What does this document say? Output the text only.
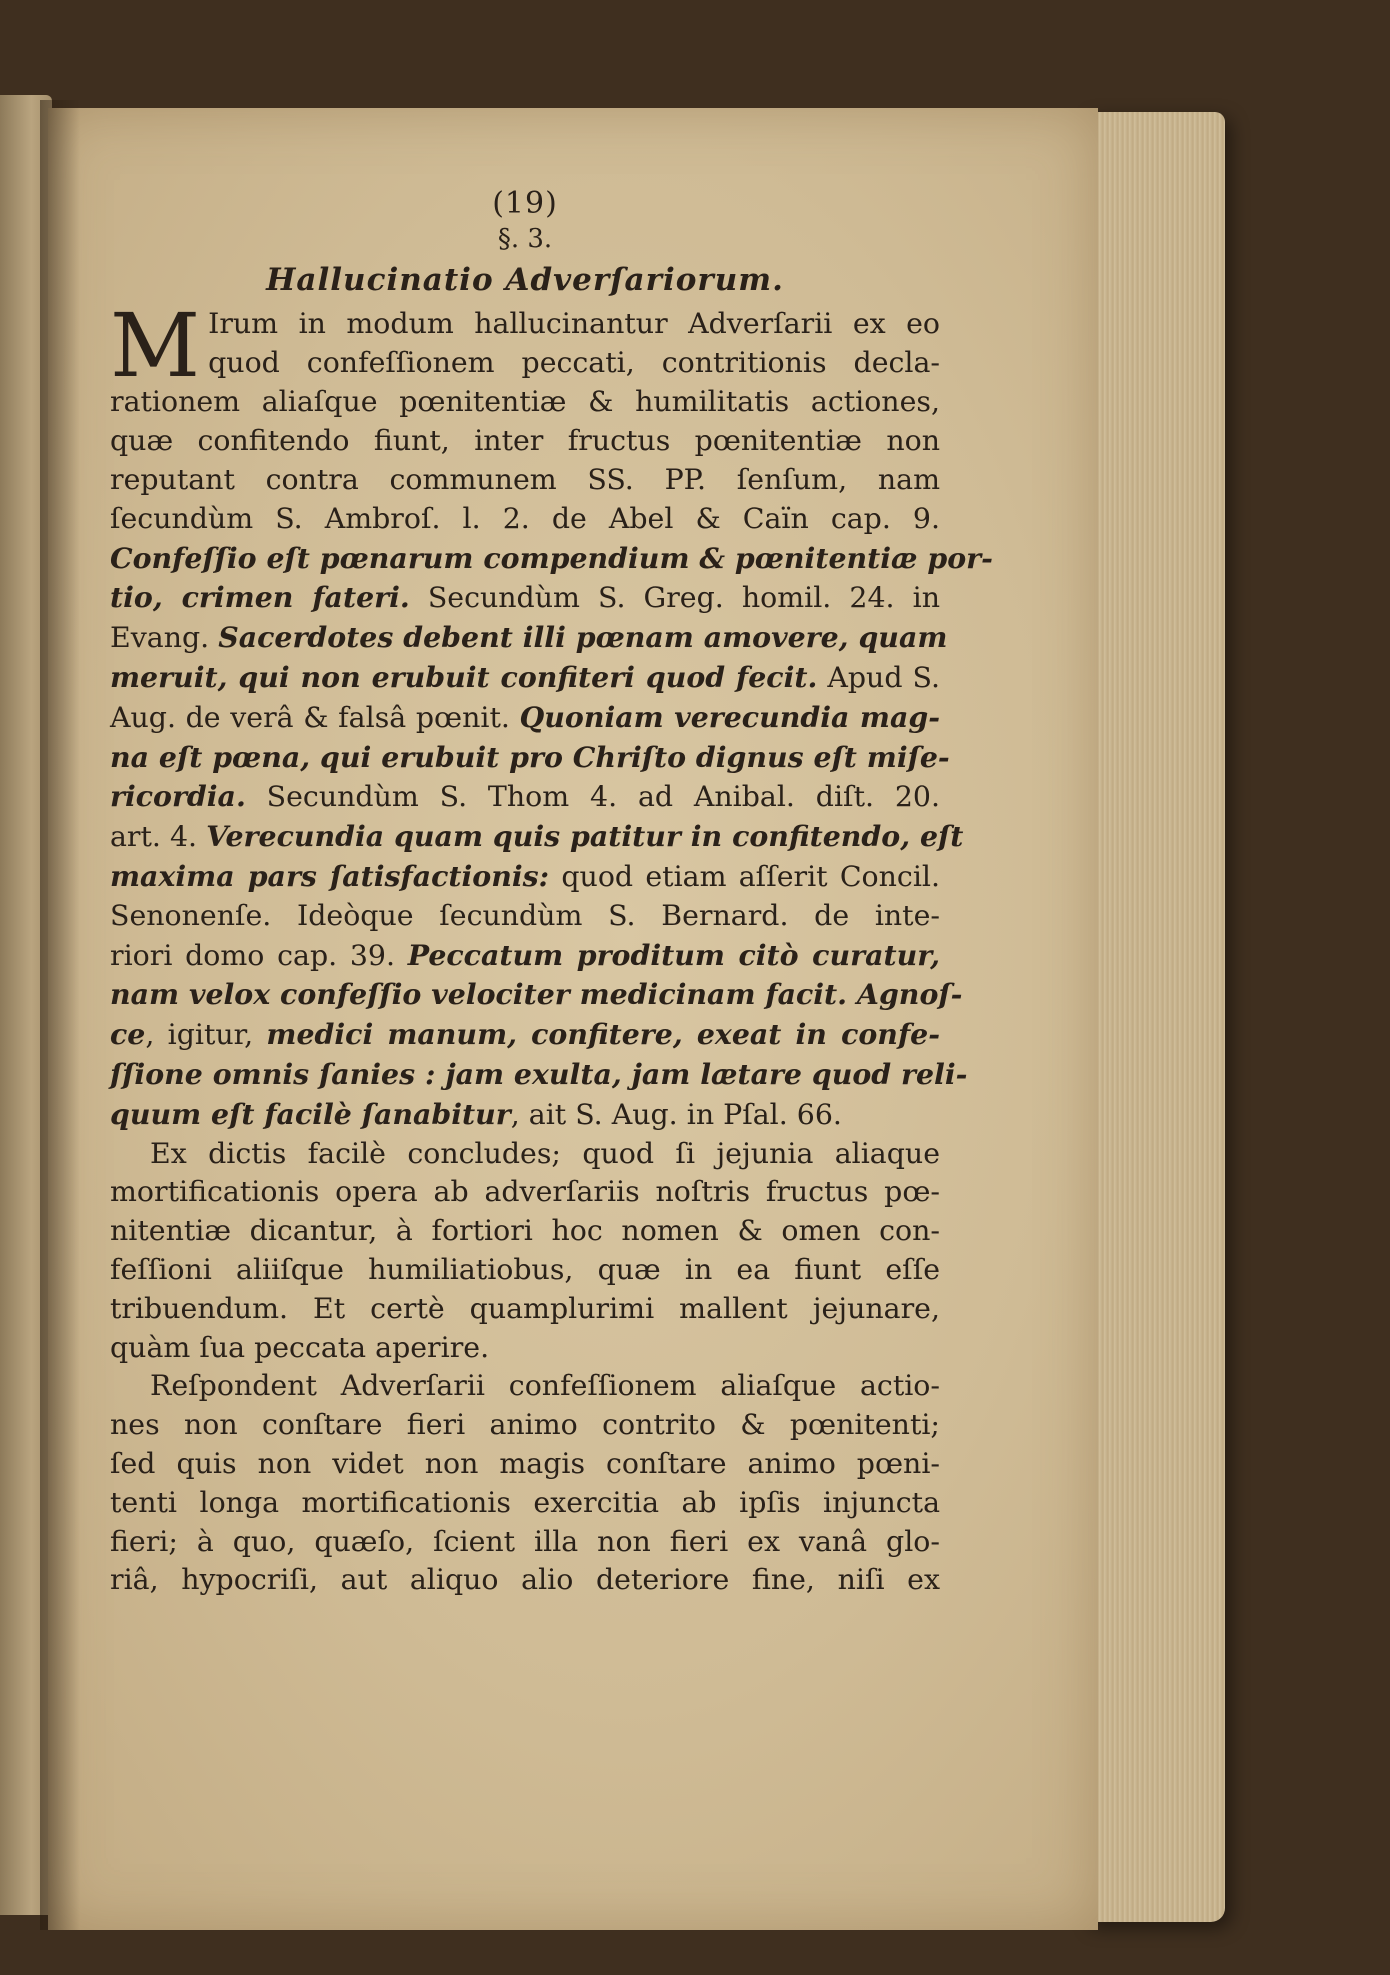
(19)
§. 3.
Hallucinatio Adverſariorum.
M Irum in modum hallucinantur Adverſarii ex eo
quod confeſſionem peccati, contritionis decla-
rationem aliaſque pœnitentiæ & humilitatis actiones,
quæ confitendo fiunt, inter fructus pœnitentiæ non
reputant contra communem SS. PP. ſenſum, nam
ſecundùm S. Ambroſ. l. 2. de Abel & Caïn cap. 9.
Confeſſio eſt pœnarum compendium & pœnitentiæ por-
tio, crimen fateri. Secundùm S. Greg. homil. 24. in
Evang. Sacerdotes debent illi pœnam amovere, quam
meruit, qui non erubuit confiteri quod fecit. Apud S.
Aug. de verâ & falsâ pœnit. Quoniam verecundia mag-
na eſt pœna, qui erubuit pro Chriſto dignus eſt miſe-
ricordia. Secundùm S. Thom 4. ad Anibal. diſt. 20.
art. 4. Verecundia quam quis patitur in confitendo, eſt
maxima pars ſatisfactionis: quod etiam aſſerit Concil.
Senonenſe. Ideòque ſecundùm S. Bernard. de inte-
riori domo cap. 39. Peccatum proditum citò curatur,
nam velox confeſſio velociter medicinam facit. Agnoſ-
ce, igitur, medici manum, confitere, exeat in confe-
ſſione omnis ſanies : jam exulta, jam lætare quod reli-
quum eſt facilè ſanabitur, ait S. Aug. in Pſal. 66.
Ex dictis facilè concludes; quod ſi jejunia aliaque
mortificationis opera ab adverſariis noſtris fructus pœ-
nitentiæ dicantur, à fortiori hoc nomen & omen con-
feſſioni aliiſque humiliatiobus, quæ in ea fiunt eſſe
tribuendum. Et certè quamplurimi mallent jejunare,
quàm ſua peccata aperire.
Reſpondent Adverſarii confeſſionem aliaſque actio-
nes non conſtare fieri animo contrito & pœnitenti;
ſed quis non videt non magis conſtare animo pœni-
tenti longa mortificationis exercitia ab ipſis injuncta
fieri; à quo, quæſo, ſcient illa non fieri ex vanâ glo-
riâ, hypocriſi, aut aliquo alio deteriore fine, niſi ex
